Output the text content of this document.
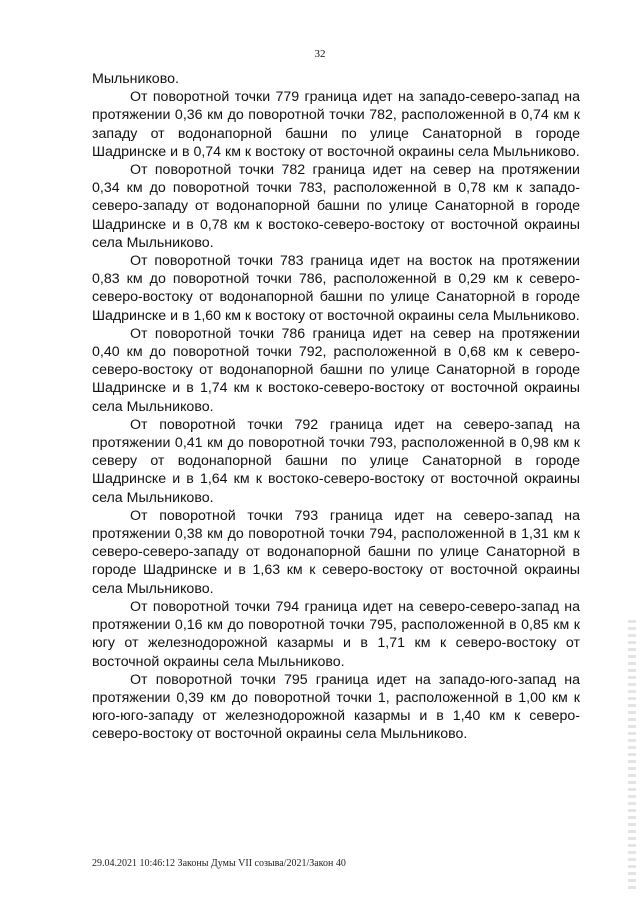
32

Мыльниково.

От поворотной точки 779 граница идет на западо-северо-запад на протяжении 0,36 км до поворотной точки 782, расположенной в 0,74 км к западу от водонапорной башни по улице Санаторной в городе Шадринске и в 0,74 км к востоку от восточной окраины села Мыльниково.

От поворотной точки 782 граница идет на север на протяжении 0,34 км до поворотной точки 783, расположенной в 0,78 км к западо-северо-западу от водонапорной башни по улице Санаторной в городе Шадринске и в 0,78 км к востоко-северо-востоку от восточной окраины села Мыльниково.

От поворотной точки 783 граница идет на восток на протяжении 0,83 км до поворотной точки 786, расположенной в 0,29 км к северо-северо-востоку от водонапорной башни по улице Санаторной в городе Шадринске и в 1,60 км к востоку от восточной окраины села Мыльниково.

От поворотной точки 786 граница идет на север на протяжении 0,40 км до поворотной точки 792, расположенной в 0,68 км к северо-северо-востоку от водонапорной башни по улице Санаторной в городе Шадринске и в 1,74 км к востоко-северо-востоку от восточной окраины села Мыльниково.

От поворотной точки 792 граница идет на северо-запад на протяжении 0,41 км до поворотной точки 793, расположенной в 0,98 км к северу от водонапорной башни по улице Санаторной в городе Шадринске и в 1,64 км к востоко-северо-востоку от восточной окраины села Мыльниково.

От поворотной точки 793 граница идет на северо-запад на протяжении 0,38 км до поворотной точки 794, расположенной в 1,31 км к северо-северо-западу от водонапорной башни по улице Санаторной в городе Шадринске и в 1,63 км к северо-востоку от восточной окраины села Мыльниково.

От поворотной точки 794 граница идет на северо-северо-запад на протяжении 0,16 км до поворотной точки 795, расположенной в 0,85 км к югу от железнодорожной казармы и в 1,71 км к северо-востоку от восточной окраины села Мыльниково.

От поворотной точки 795 граница идет на западо-юго-запад на протяжении 0,39 км до поворотной точки 1, расположенной в 1,00 км к юго-юго-западу от железнодорожной казармы и в 1,40 км к северо-северо-востоку от восточной окраины села Мыльниково.

29.04.2021 10:46:12 Законы Думы VII созыва/2021/Закон 40
